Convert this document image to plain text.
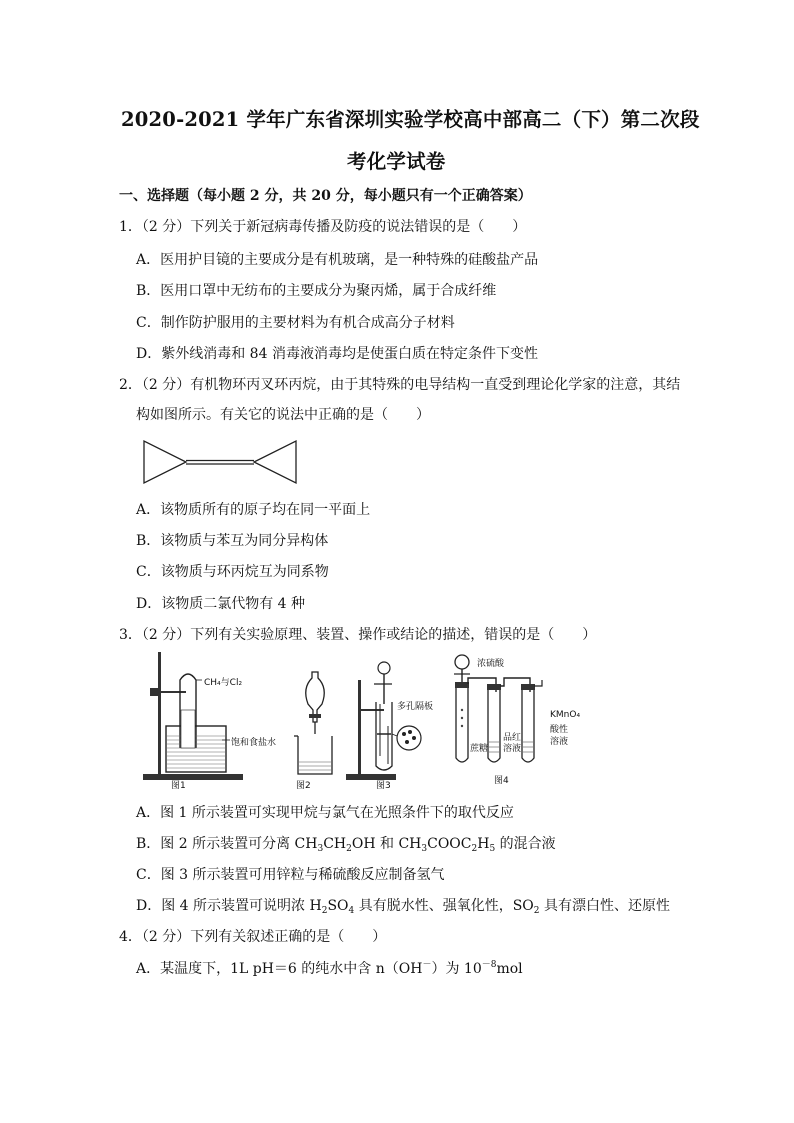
2020-2021 学年广东省深圳实验学校高中部高二（下）第二次段
考化学试卷
一、选择题（每小题 2 分，共 20 分，每小题只有一个正确答案）
1．（2 分）下列关于新冠病毒传播及防疫的说法错误的是（　　）
A．医用护目镜的主要成分是有机玻璃，是一种特殊的硅酸盐产品
B．医用口罩中无纺布的主要成分为聚丙烯，属于合成纤维
C．制作防护服用的主要材料为有机合成高分子材料
D．紫外线消毒和 84 消毒液消毒均是使蛋白质在特定条件下变性
2．（2 分）有机物环丙叉环丙烷，由于其特殊的电导结构一直受到理论化学家的注意，其结
构如图所示。有关它的说法中正确的是（　　）
A．该物质所有的原子均在同一平面上
B．该物质与苯互为同分异构体
C．该物质与环丙烷互为同系物
D．该物质二氯代物有 4 种
3．（2 分）下列有关实验原理、装置、操作或结论的描述，错误的是（　　）
CH₄与Cl₂
饱和食盐水
图1	图2
多孔隔板
图3
浓硫酸
蔗糖
品红溶液
KMnO₄
酸性
溶液
图4
A．图 1 所示装置可实现甲烷与氯气在光照条件下的取代反应
B．图 2 所示装置可分离 $CH_3CH_2OH$ 和 $CH_3COOC_2H_5$ 的混合液
C．图 3 所示装置可用锌粒与稀硫酸反应制备氢气
D．图 4 所示装置可说明浓 $H_2SO_4$ 具有脱水性、强氧化性，$SO_2$ 具有漂白性、还原性
4．（2 分）下列有关叙述正确的是（　　）
A．某温度下，1L pH＝6 的纯水中含 n（OH－）为 $10^{-8}mol$
